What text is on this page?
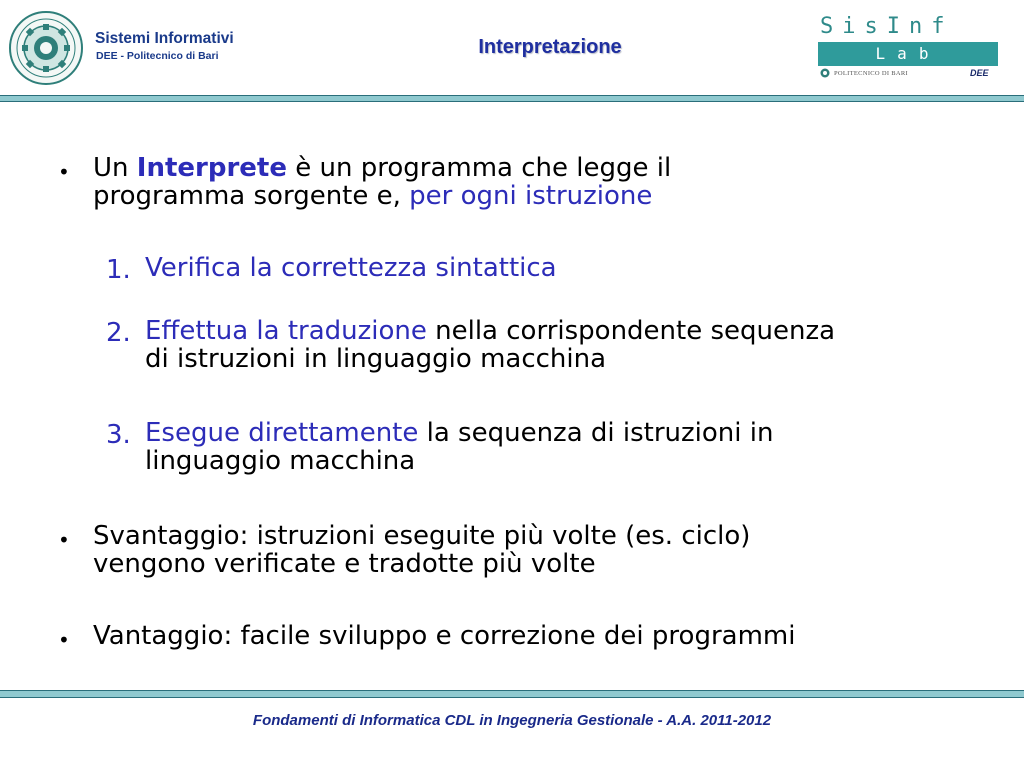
Sistemi Informativi
DEE - Politecnico di Bari	Interpretazione
SisInf
Lab
POLITECNICO DI BARI	DEE
• Un Interprete è un programma che legge il
programma sorgente e, per ogni istruzione
1. Verifica la correttezza sintattica
2. Effettua la traduzione nella corrispondente sequenza
di istruzioni in linguaggio macchina
3. Esegue direttamente la sequenza di istruzioni in
linguaggio macchina
• Svantaggio: istruzioni eseguite più volte (es. ciclo)
vengono verificate e tradotte più volte
• Vantaggio: facile sviluppo e correzione dei programmi
Fondamenti di Informatica CDL in Ingegneria Gestionale - A.A. 2011-2012
